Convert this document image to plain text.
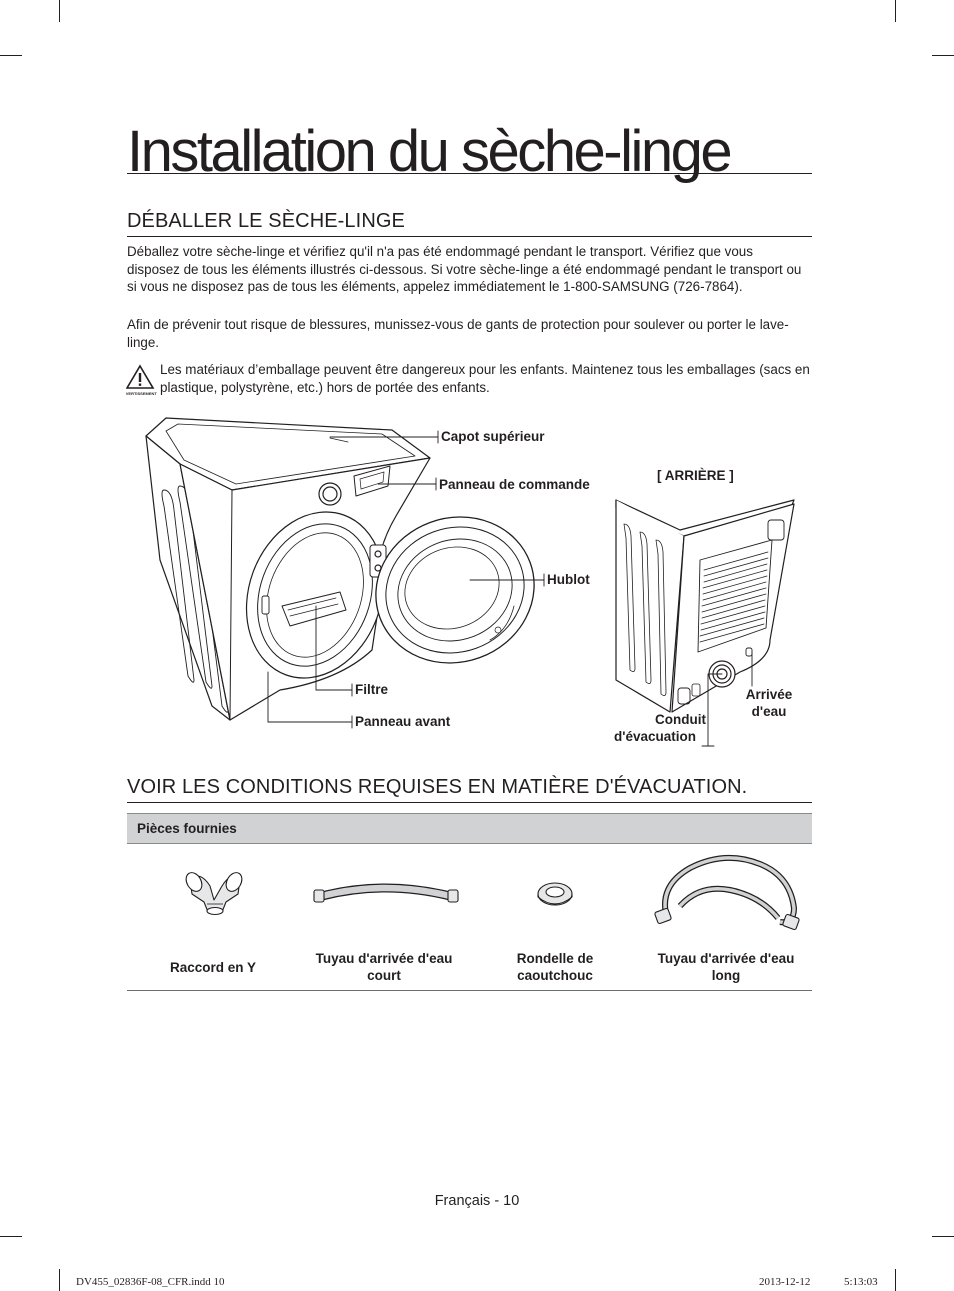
Installation du sèche-linge
DÉBALLER LE SÈCHE-LINGE

Déballez votre sèche-linge et vérifiez qu'il n'a pas été endommagé pendant le transport. Vérifiez que vous disposez de tous les éléments illustrés ci-dessous. Si votre sèche-linge a été endommagé pendant le transport ou si vous ne disposez pas de tous les éléments, appelez immédiatement le 1-800-SAMSUNG (726-7864).

Afin de prévenir tout risque de blessures, munissez-vous de gants de protection pour soulever ou porter le lave-linge.

AVERTISSEMENT

Les matériaux d’emballage peuvent être dangereux pour les enfants. Maintenez tous les emballages (sacs en plastique, polystyrène, etc.) hors de portée des enfants.

Capot supérieur
Panneau de commande
Hublot
Filtre
Panneau avant
[ ARRIÈRE ]
Arrivée
d'eau
Conduit
d'évacuation
VOIR LES CONDITIONS REQUISES EN MATIÈRE D'ÉVACUATION.
Pièces fournies
Raccord en Y
Tuyau d'arrivée d'eau
court
Rondelle de
caoutchouc
Tuyau d'arrivée d'eau
long
Français - 10
DV455_02836F-08_CFR.indd 10	2013-12-12	5:13:03
